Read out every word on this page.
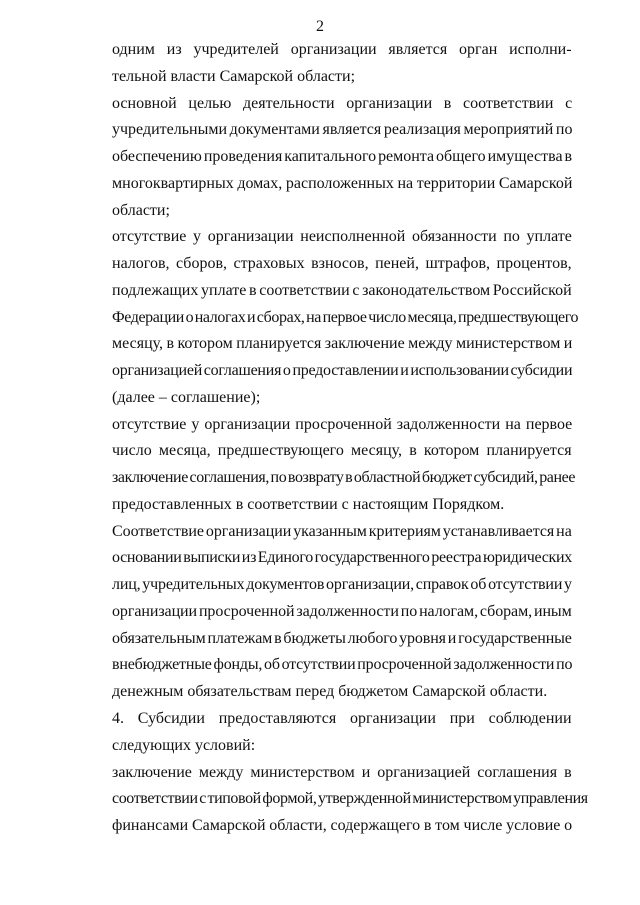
2
одним из учредителей организации является орган исполни-
тельной власти Самарской области;
основной целью деятельности организации в соответствии с
учредительными документами является реализация мероприятий по
обеспечению проведения капитального ремонта общего имущества в
многоквартирных домах, расположенных на территории Самарской
области;
отсутствие у организации неисполненной обязанности по уплате
налогов, сборов, страховых взносов, пеней, штрафов, процентов,
подлежащих уплате в соответствии с законодательством Российской
Федерации о налогах и сборах, на первое число месяца, предшествующего
месяцу, в котором планируется заключение между министерством и
организацией соглашения о предоставлении и использовании субсидии
(далее – соглашение);
отсутствие у организации просроченной задолженности на первое
число месяца, предшествующего месяцу, в котором планируется
заключение соглашения, по возврату в областной бюджет субсидий, ранее
предоставленных в соответствии с настоящим Порядком.
Соответствие организации указанным критериям устанавливается на
основании выписки из Единого государственного реестра юридических
лиц, учредительных документов организации, справок об отсутствии у
организации просроченной задолженности по налогам, сборам, иным
обязательным платежам в бюджеты любого уровня и государственные
внебюджетные фонды, об отсутствии просроченной задолженности по
денежным обязательствам перед бюджетом Самарской области.
4. Субсидии предоставляются организации при соблюдении
следующих условий:
заключение между министерством и организацией соглашения в
соответствии с типовой формой, утвержденной министерством управления
финансами Самарской области, содержащего в том числе условие о
